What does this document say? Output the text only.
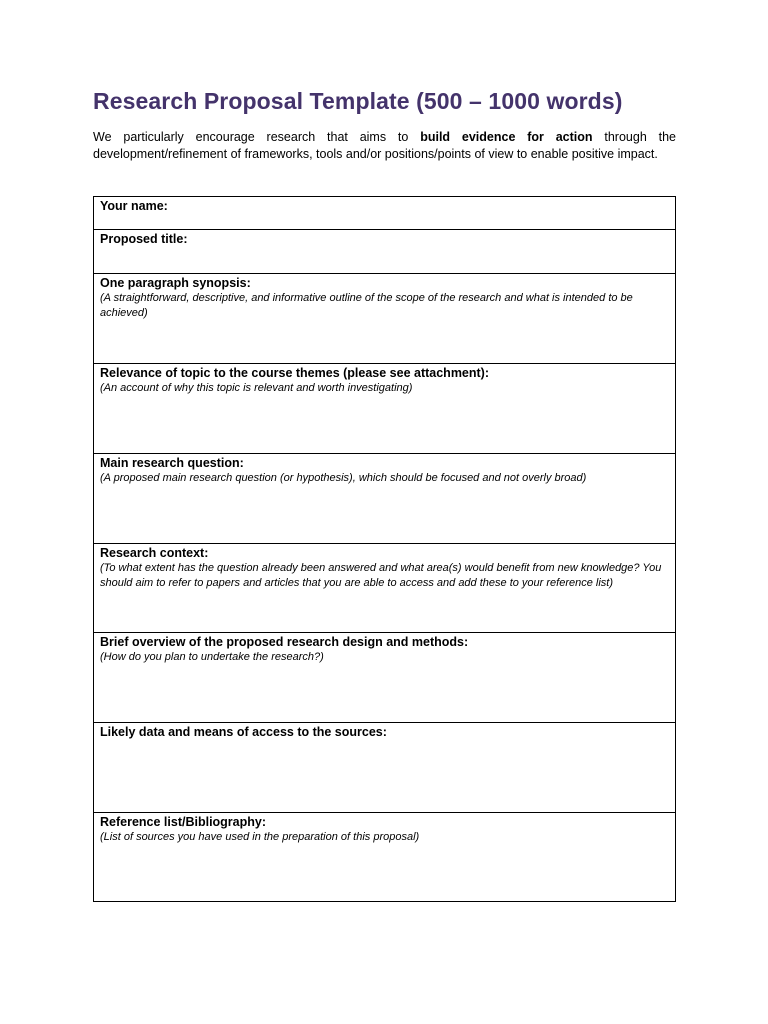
Research Proposal Template (500 – 1000 words)

We particularly encourage research that aims to build evidence for action through the development/refinement of frameworks, tools and/or positions/points of view to enable positive impact.

Your name:

Proposed title:

One paragraph synopsis:
(A straightforward, descriptive, and informative outline of the scope of the research and what is intended to be achieved)

Relevance of topic to the course themes (please see attachment):
(An account of why this topic is relevant and worth investigating)

Main research question:
(A proposed main research question (or hypothesis), which should be focused and not overly broad)

Research context:
(To what extent has the question already been answered and what area(s) would benefit from new knowledge? You should aim to refer to papers and articles that you are able to access and add these to your reference list)

Brief overview of the proposed research design and methods:
(How do you plan to undertake the research?)

Likely data and means of access to the sources:

Reference list/Bibliography:
(List of sources you have used in the preparation of this proposal)
